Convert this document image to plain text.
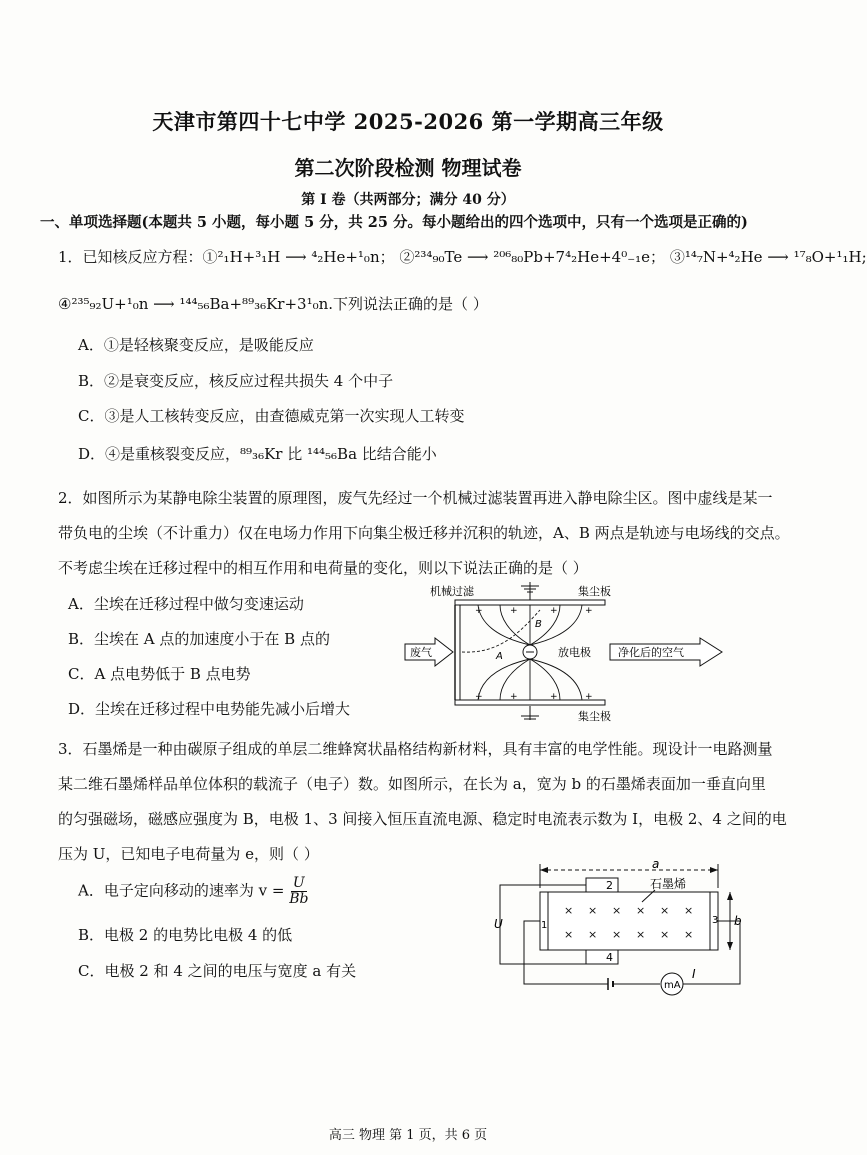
天津市第四十七中学 2025-2026 第一学期高三年级
第二次阶段检测 物理试卷
第 I 卷（共两部分；满分 40 分）
一、单项选择题(本题共 5 小题，每小题 5 分，共 25 分。每小题给出的四个选项中，只有一个选项是正确的)
1．已知核反应方程：①²₁H+³₁H ⟶ ⁴₂He+¹₀n； ②²³⁴₉₀Te ⟶ ²⁰⁶₈₀Pb+7⁴₂He+4⁰₋₁e； ③¹⁴₇N+⁴₂He ⟶ ¹⁷₈O+¹₁H;
④²³⁵₉₂U+¹₀n ⟶ ¹⁴⁴₅₆Ba+⁸⁹₃₆Kr+3¹₀n.下列说法正确的是（ ）
A．①是轻核聚变反应，是吸能反应
B．②是衰变反应，核反应过程共损失 4 个中子
C．③是人工核转变反应，由查德威克第一次实现人工转变
D．④是重核裂变反应，⁸⁹₃₆Kr 比 ¹⁴⁴₅₆Ba 比结合能小
2．如图所示为某静电除尘装置的原理图，废气先经过一个机械过滤装置再进入静电除尘区。图中虚线是某一
带负电的尘埃（不计重力）仅在电场力作用下向集尘极迁移并沉积的轨迹，A、B 两点是轨迹与电场线的交点。
不考虑尘埃在迁移过程中的相互作用和电荷量的变化，则以下说法正确的是（ ）
A．尘埃在迁移过程中做匀变速运动
B．尘埃在 A 点的加速度小于在 B 点的
C．A 点电势低于 B 点电势
D．尘埃在迁移过程中电势能先减小后增大
+	+	+	+
+	+	+	+
机械过滤	集尘板
集尘极
废气	放电极 净化后的空气
A
B
3．石墨烯是一种由碳原子组成的单层二维蜂窝状晶格结构新材料，具有丰富的电学性能。现设计一电路测量
某二维石墨烯样品单位体积的载流子（电子）数。如图所示，在长为 a，宽为 b 的石墨烯表面加一垂直向里
的匀强磁场，磁感应强度为 B，电极 1、3 间接入恒压直流电源、稳定时电流表示数为 I，电极 2、4 之间的电
压为 U，已知电子电荷量为 e，则（ ）
A．电子定向移动的速率为 $v = \frac{U}{Bb}$
B．电极 2 的电势比电极 4 的低
C．电极 2 和 4 之间的电压与宽度 a 有关
a
2
4
1	3
× × × × × ×
× × × × × ×
石墨烯
b
U
mA
I
高三 物理 第 1 页，共 6 页
